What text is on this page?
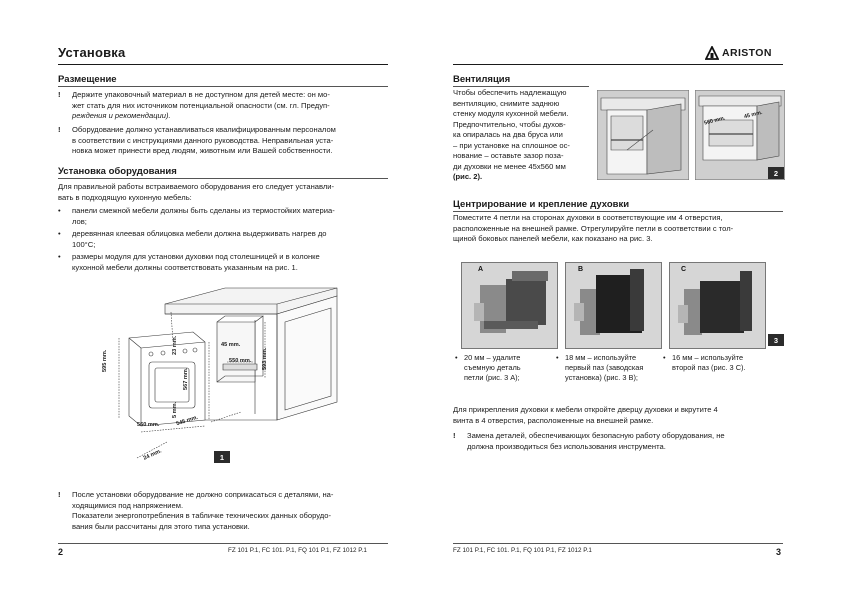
Установка
Размещение
!	Держите упаковочный материал в не доступном для детей месте: он мо-
жет стать для них источником потенциальной опасности (см. гл. Предуп-
реждения и рекомендации).
!	Оборудование должно устанавливаться квалифицированным персоналом
в соответствии с инструкциями данного руководства. Неправильная уста-
новка может принести вред людям, животным или Вашей собственности.
Установка оборудования
Для правильной работы встраиваемого оборудования его следует устанавли-
вать в подходящую кухонную мебель:
•	панели смежной мебели должны быть сделаны из термостойких материа-
лов;
•	деревянная клеевая облицовка мебели должна выдерживать нагрев до
100°С;
•	размеры модуля для установки духовки под столешницей и в колонке
кухонной мебели должны соответствовать указанным на рис. 1.
595 mm.
567 mm.
23 mm.
5 mm.
560 mm.	545 mm.
24 mm.
45 mm.
550 mm. 593 mm.
1
!	После установки оборудование не должно соприкасаться с деталями, на-
ходящимися под напряжением.
Показатели энергопотребления в табличке технических данных оборудо-
вания были рассчитаны для этого типа установки.
2	FZ 101 P.1, FC 101. P.1, FQ 101 P.1, FZ 1012 P.1
ARISTON
Вентиляция
Чтобы обеспечить надлежащую
вентиляцию, снимите заднюю
стенку модуля кухонной мебели.
Предпочтительно, чтобы духов-
ка опиралась на два бруса или
– при установке на сплошное ос-
нование – оставьте зазор поза-
ди духовки не менее 45х560 мм
(рис. 2).
560 mm.
45 mm.
2
Центрирование и крепление духовки
Поместите 4 петли на сторонах духовки в соответствующие им 4 отверстия,
расположенные на внешней рамке. Отрегулируйте петли в соответствии с тол-
щиной боковых панелей мебели, как показано на рис. 3.
A	B	C
3
• 20 мм – удалите
съемную деталь
петли (рис. 3 А);
• 18 мм – используйте
первый паз (заводская
установка) (рис. 3 В);
• 16 мм – используйте
второй паз (рис. 3 С).
Для прикрепления духовки к мебели откройте дверцу духовки и вкрутите 4
винта в 4 отверстия, расположенные на внешней рамке.
!	Замена деталей, обеспечивающих безопасную работу оборудования, не
должна производиться без использования инструмента.
FZ 101 P.1, FC 101. P.1, FQ 101 P.1, FZ 1012 P.1	3
